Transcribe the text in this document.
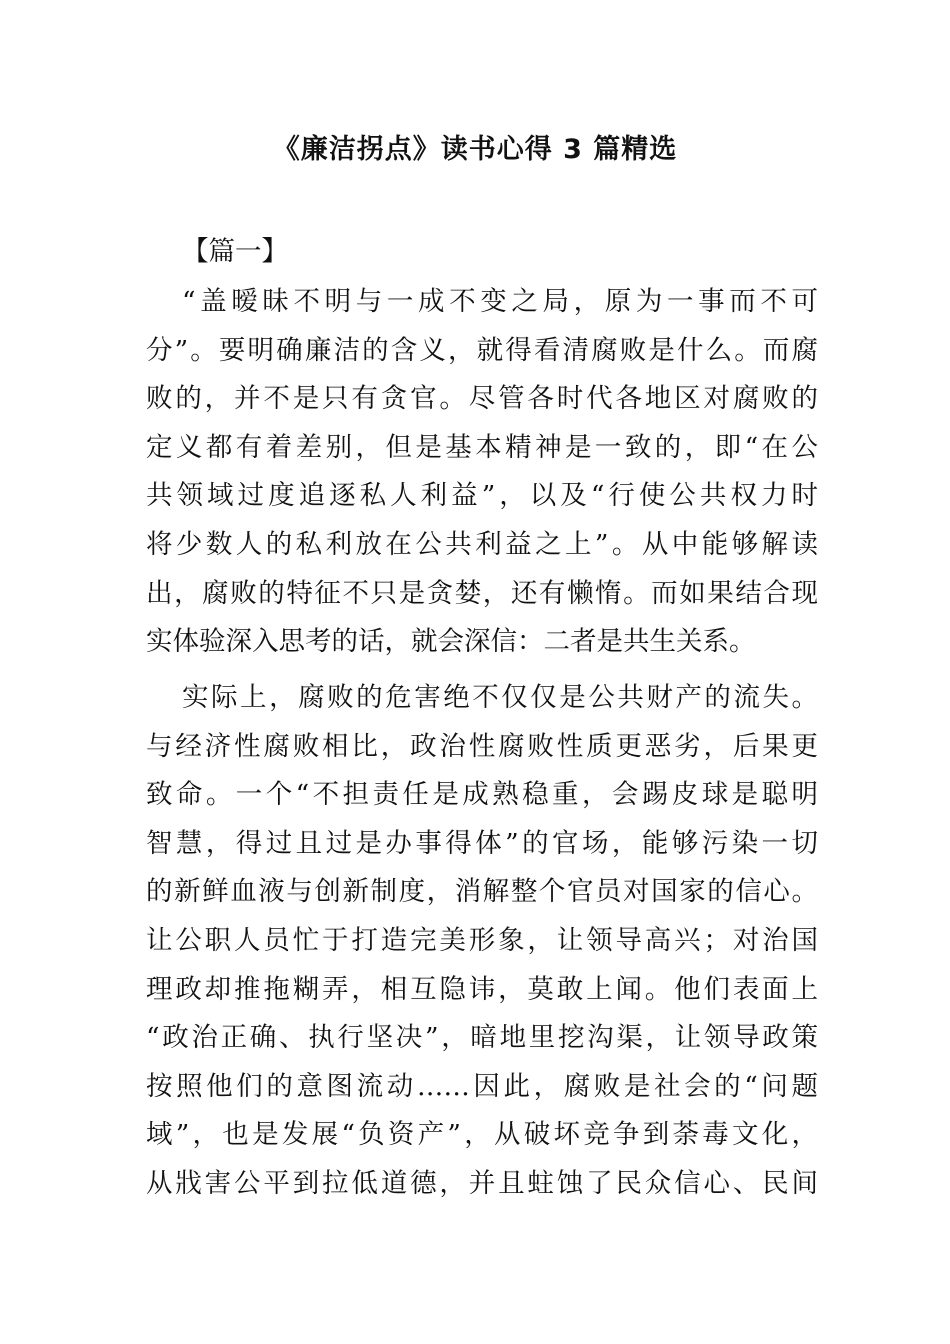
《廉洁拐点》读书心得 3 篇精选
【篇一】
“盖暧昧不明与一成不变之局，原为一事而不可
分”。要明确廉洁的含义，就得看清腐败是什么。而腐
败的，并不是只有贪官。尽管各时代各地区对腐败的
定义都有着差别，但是基本精神是一致的，即“在公
共领域过度追逐私人利益”，以及“行使公共权力时
将少数人的私利放在公共利益之上”。从中能够解读
出，腐败的特征不只是贪婪，还有懒惰。而如果结合现
实体验深入思考的话，就会深信：二者是共生关系。
实际上，腐败的危害绝不仅仅是公共财产的流失。
与经济性腐败相比，政治性腐败性质更恶劣，后果更
致命。一个“不担责任是成熟稳重，会踢皮球是聪明
智慧，得过且过是办事得体”的官场，能够污染一切
的新鲜血液与创新制度，消解整个官员对国家的信心。
让公职人员忙于打造完美形象，让领导高兴；对治国
理政却推拖糊弄，相互隐讳，莫敢上闻。他们表面上
“政治正确、执行坚决”，暗地里挖沟渠，让领导政策
按照他们的意图流动……因此，腐败是社会的“问题
域”，也是发展“负资产”，从破坏竞争到荼毒文化，
从戕害公平到拉低道德，并且蛀蚀了民众信心、民间
